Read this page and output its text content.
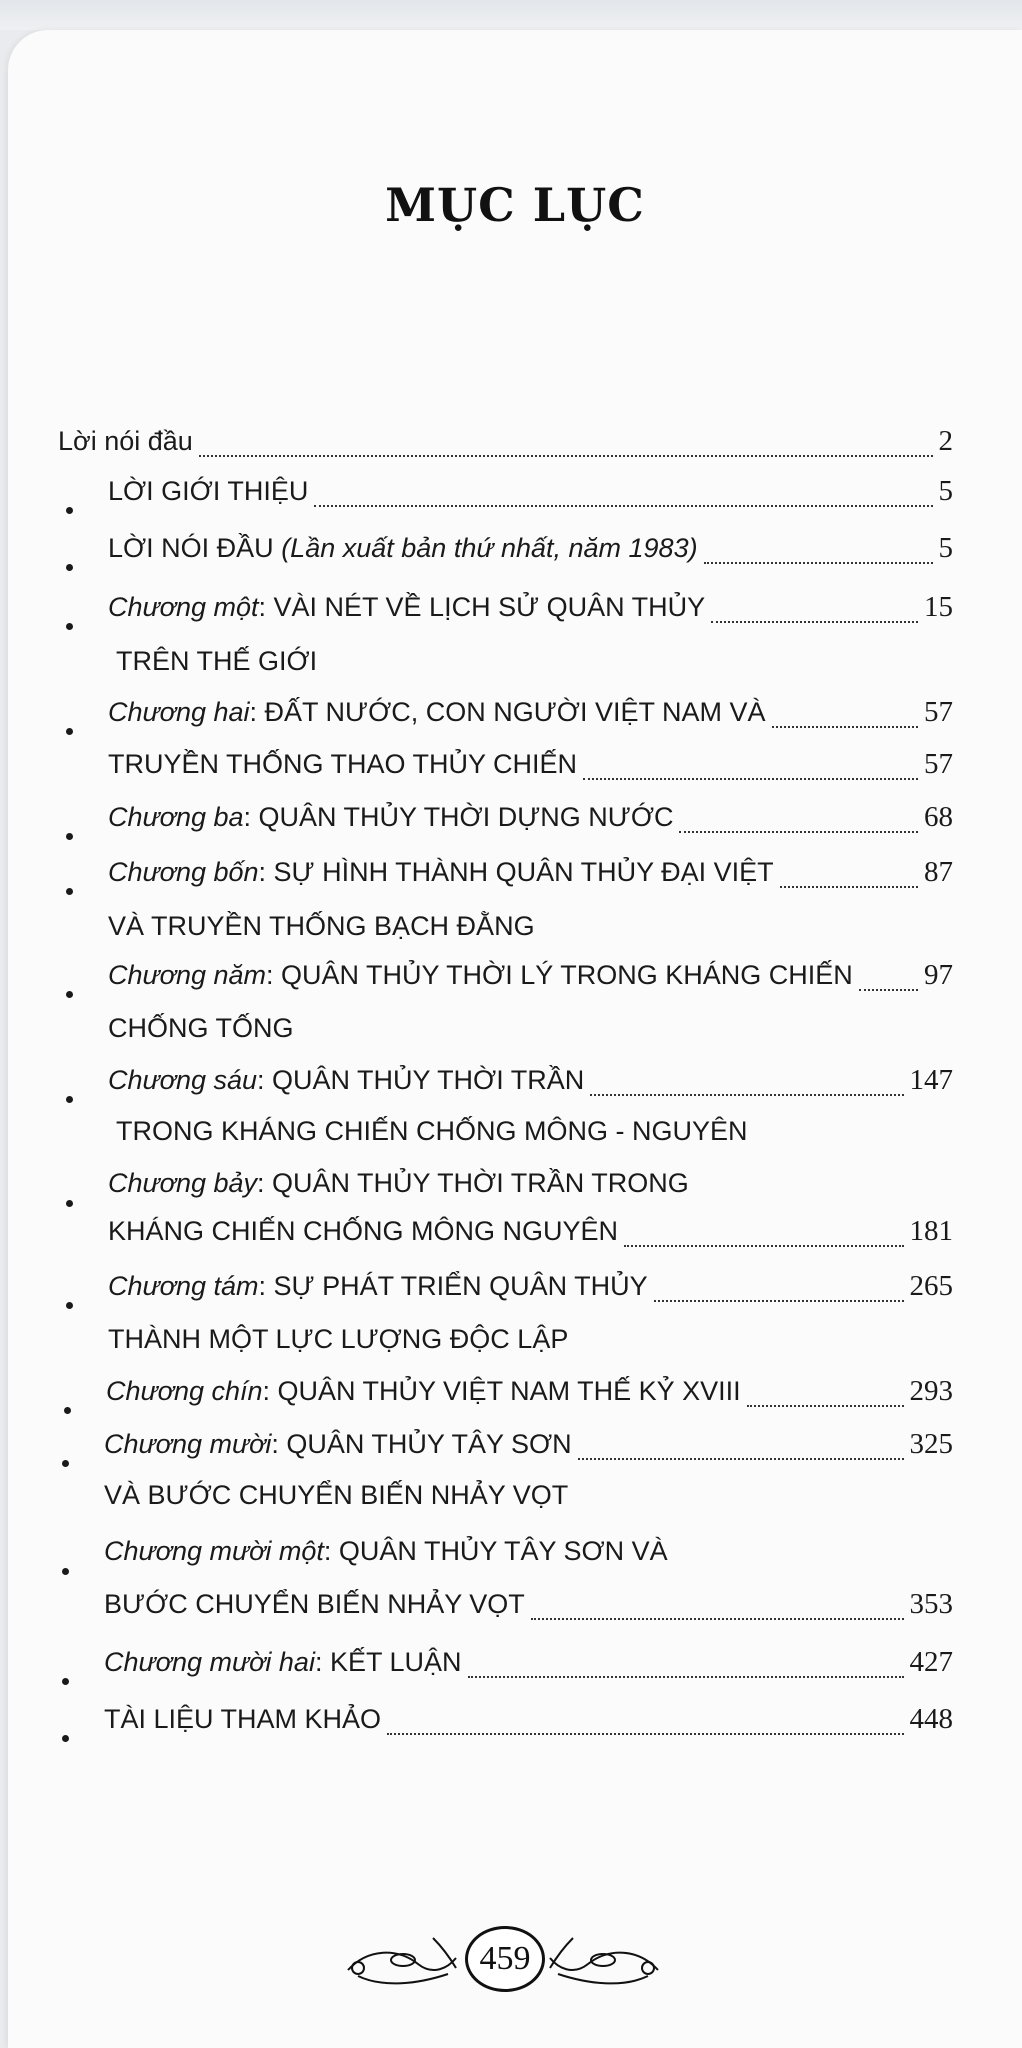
MỤC LỤC
Lời nói đầu	2
LỜI GIỚI THIỆU	5
LỜI NÓI ĐẦU (Lần xuất bản thứ nhất, năm 1983)	5
Chương một: VÀI NÉT VỀ LỊCH SỬ QUÂN THỦY	15
TRÊN THẾ GIỚI
Chương hai: ĐẤT NƯỚC, CON NGƯỜI VIỆT NAM VÀ	57
TRUYỀN THỐNG THAO THỦY CHIẾN	57
Chương ba: QUÂN THỦY THỜI DỰNG NƯỚC	68
Chương bốn: SỰ HÌNH THÀNH QUÂN THỦY ĐẠI VIỆT	87
VÀ TRUYỀN THỐNG BẠCH ĐẰNG
Chương năm: QUÂN THỦY THỜI LÝ TRONG KHÁNG CHIẾN 97
CHỐNG TỐNG
Chương sáu: QUÂN THỦY THỜI TRẦN	147
TRONG KHÁNG CHIẾN CHỐNG MÔNG - NGUYÊN
Chương bảy: QUÂN THỦY THỜI TRẦN TRONG
KHÁNG CHIẾN CHỐNG MÔNG NGUYÊN	181
Chương tám: SỰ PHÁT TRIỂN QUÂN THỦY	265
THÀNH MỘT LỰC LƯỢNG ĐỘC LẬP
Chương chín: QUÂN THỦY VIỆT NAM THẾ KỶ XVIII	293
Chương mười: QUÂN THỦY TÂY SƠN	325
VÀ BƯỚC CHUYỂN BIẾN NHẢY VỌT
Chương mười một: QUÂN THỦY TÂY SƠN VÀ
BƯỚC CHUYỂN BIẾN NHẢY VỌT	353
Chương mười hai: KẾT LUẬN	427
TÀI LIỆU THAM KHẢO	448
459
